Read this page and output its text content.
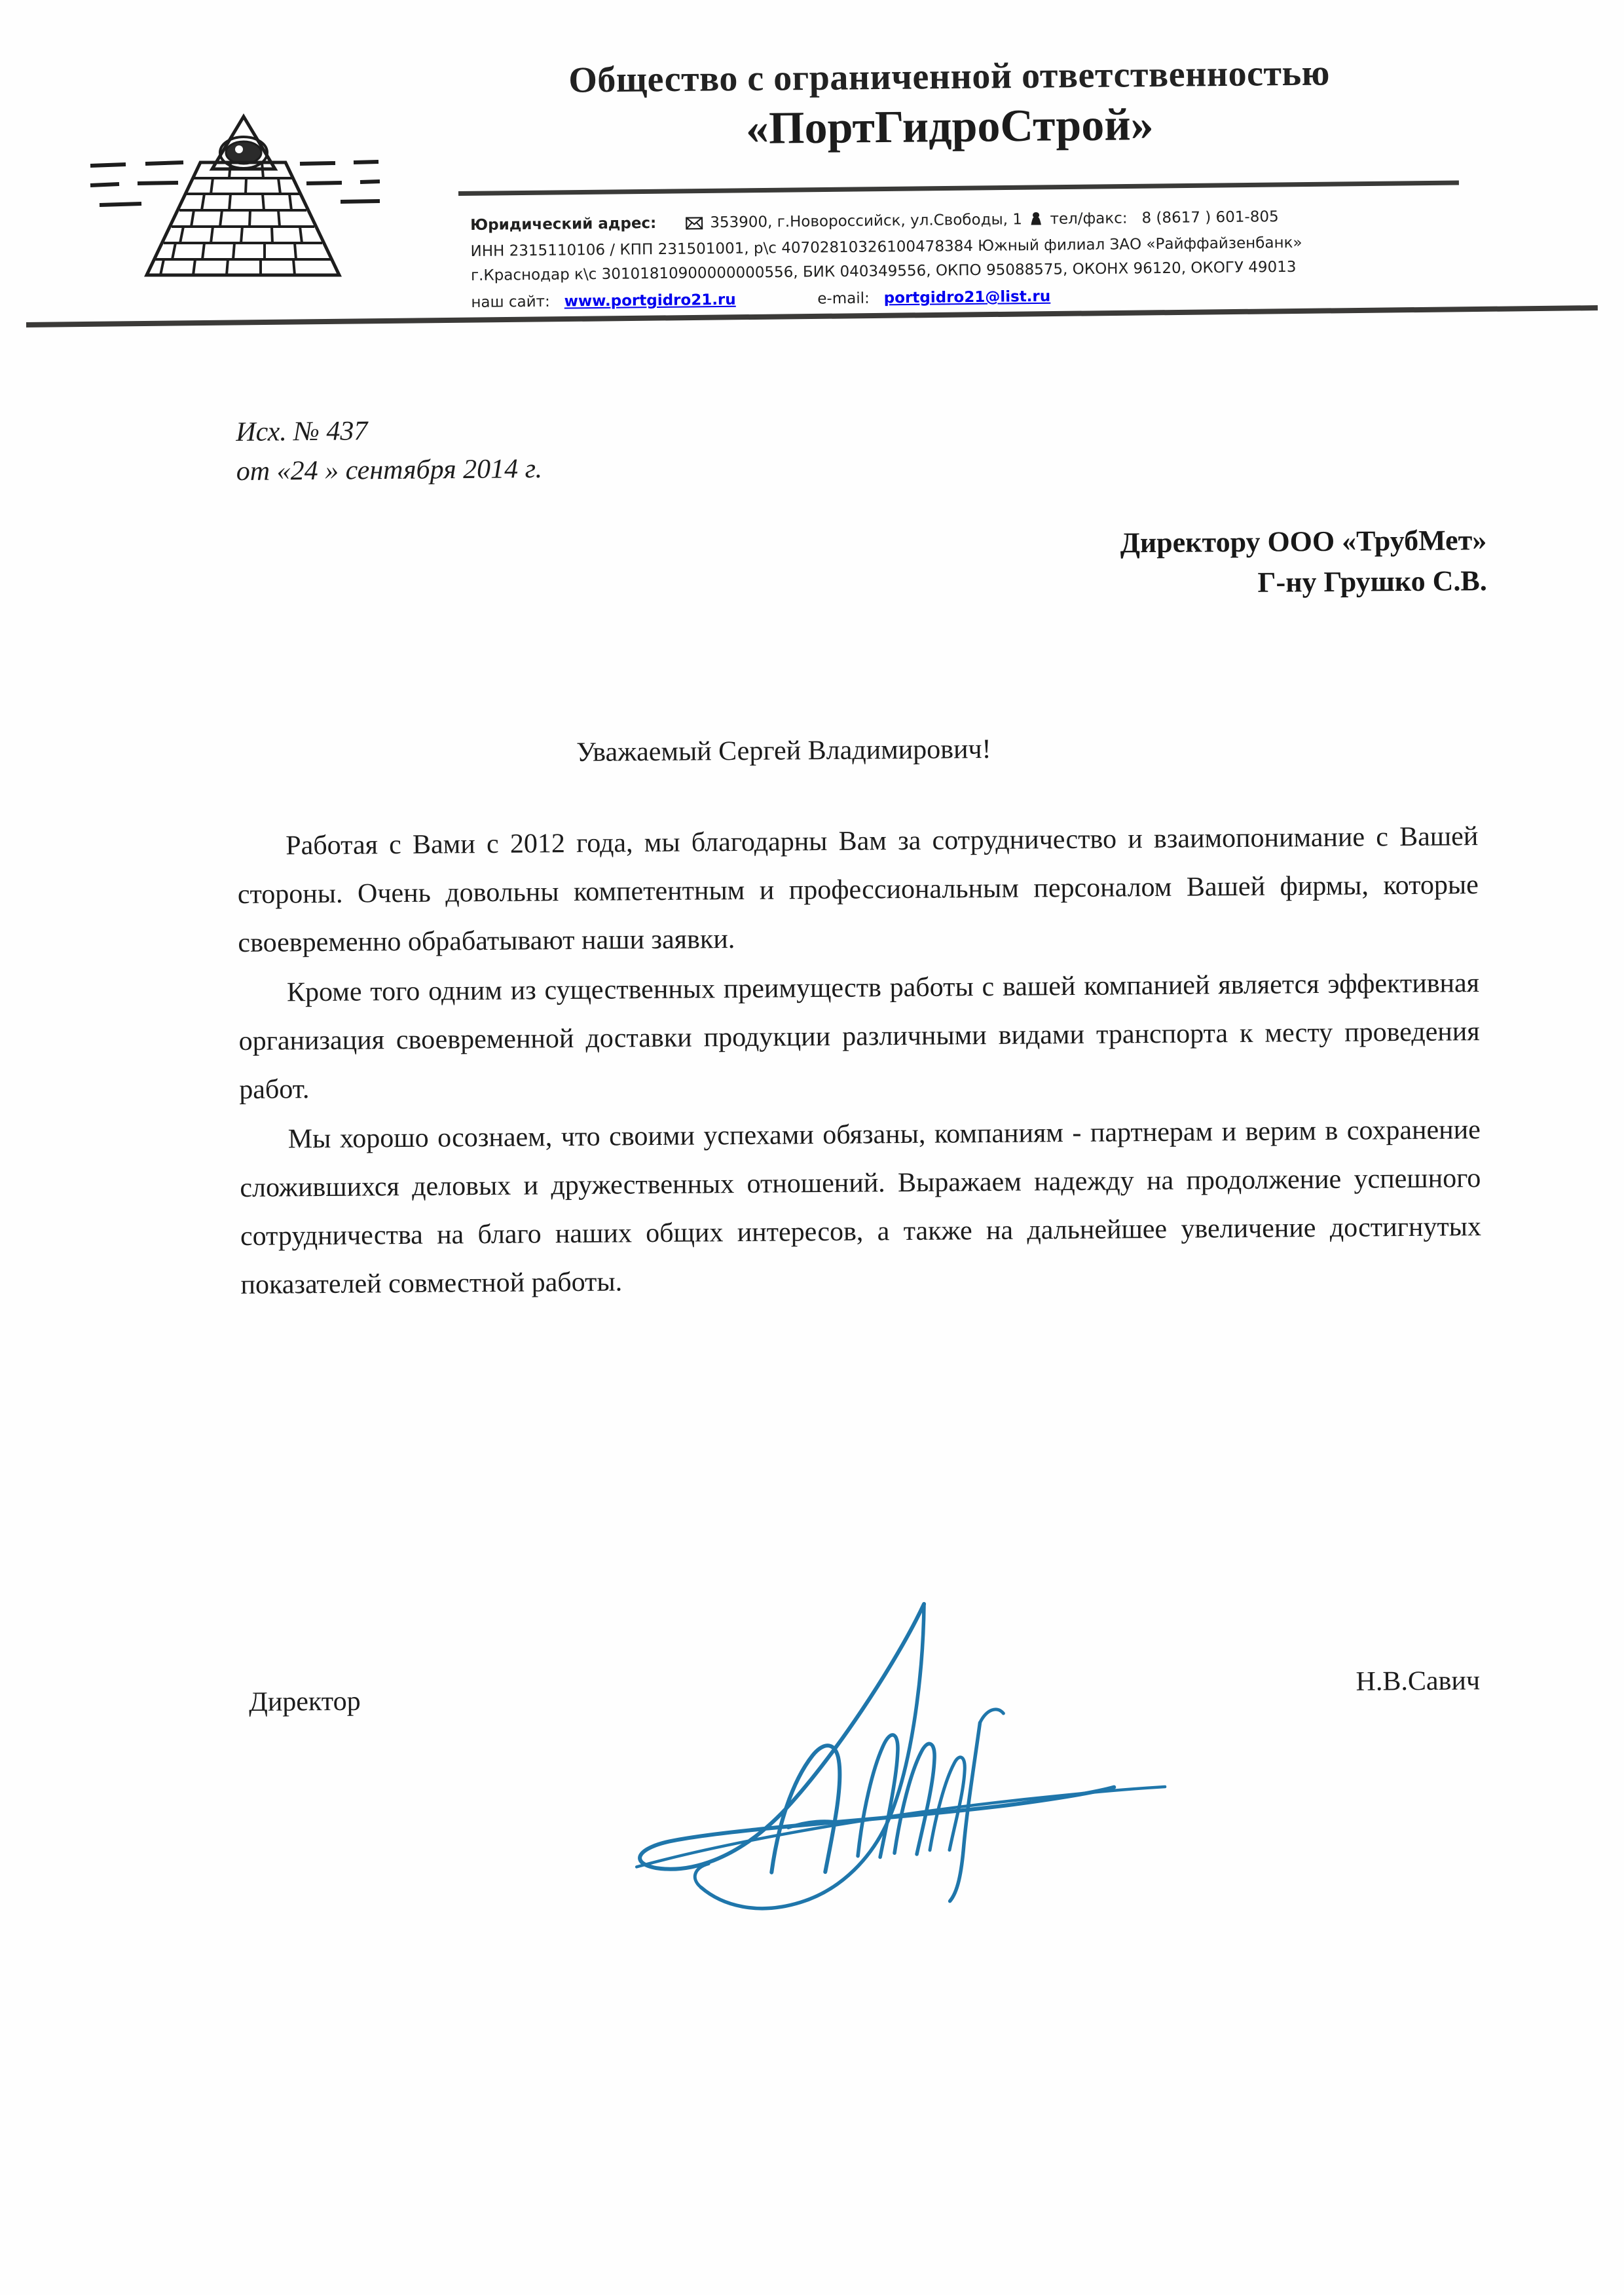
Общество с ограниченной ответственностью
«ПортГидроСтрой»
Юридический адрес:	353900, г.Новороссийск, ул.Свободы, 1 тел/факс: 8 (8617 ) 601-805
ИНН 2315110106 / КПП 231501001, р\с 40702810326100478384 Южный филиал ЗАО «Райффайзенбанк»
г.Краснодар к\с 30101810900000000556, БИК 040349556, ОКПО 95088575, ОКОНХ 96120, ОКОГУ 49013
наш сайт: www.portgidro21.ru	e-mail: portgidro21@list.ru
Исх. № 437
от «24 » сентября 2014 г.
Директору ООО «ТрубМет»
Г-ну Грушко С.В.
Уважаемый Сергей Владимирович!

Работая с Вами с 2012 года, мы благодарны Вам за сотрудничество и взаимопонимание с Вашей стороны. Очень довольны компетентным и профессиональным персоналом Вашей фирмы, которые своевременно обрабатывают наши заявки.

Кроме того одним из существенных преимуществ работы с вашей компанией является эффективная организация своевременной доставки продукции различными видами транспорта к месту проведения работ.

Мы хорошо осознаем, что своими успехами обязаны, компаниям - партнерам и верим в сохранение сложившихся деловых и дружественных отношений. Выражаем надежду на продолжение успешного сотрудничества на благо наших общих интересов, а также на дальнейшее увеличение достигнутых показателей совместной работы.

Директор
Н.В.Савич
